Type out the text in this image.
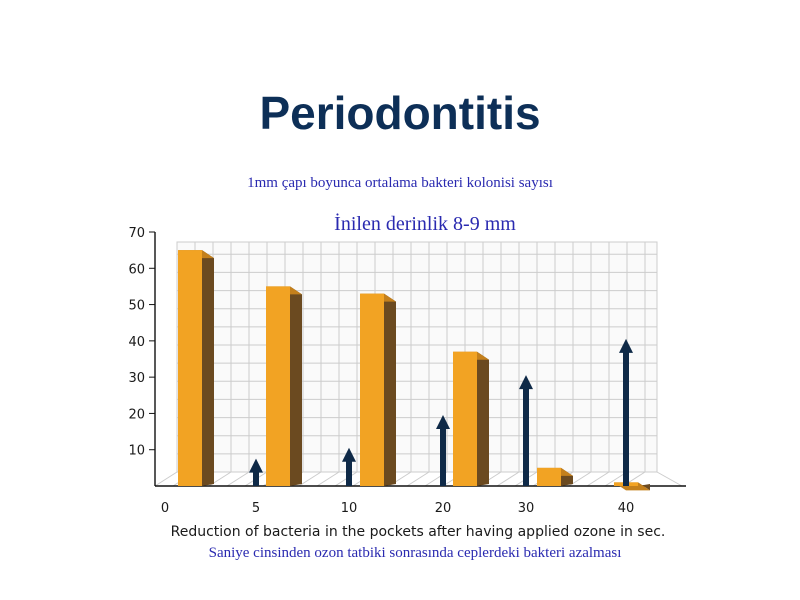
Periodontitis
1mm çapı boyunca ortalama bakteri kolonisi sayısı
İnilen derinlik 8-9 mm
70
60
50
40
30
20
10
0	5	10	20	30	40
Reduction of bacteria in the pockets after having applied ozone in sec.
Saniye cinsinden ozon tatbiki sonrasında ceplerdeki bakteri azalması
